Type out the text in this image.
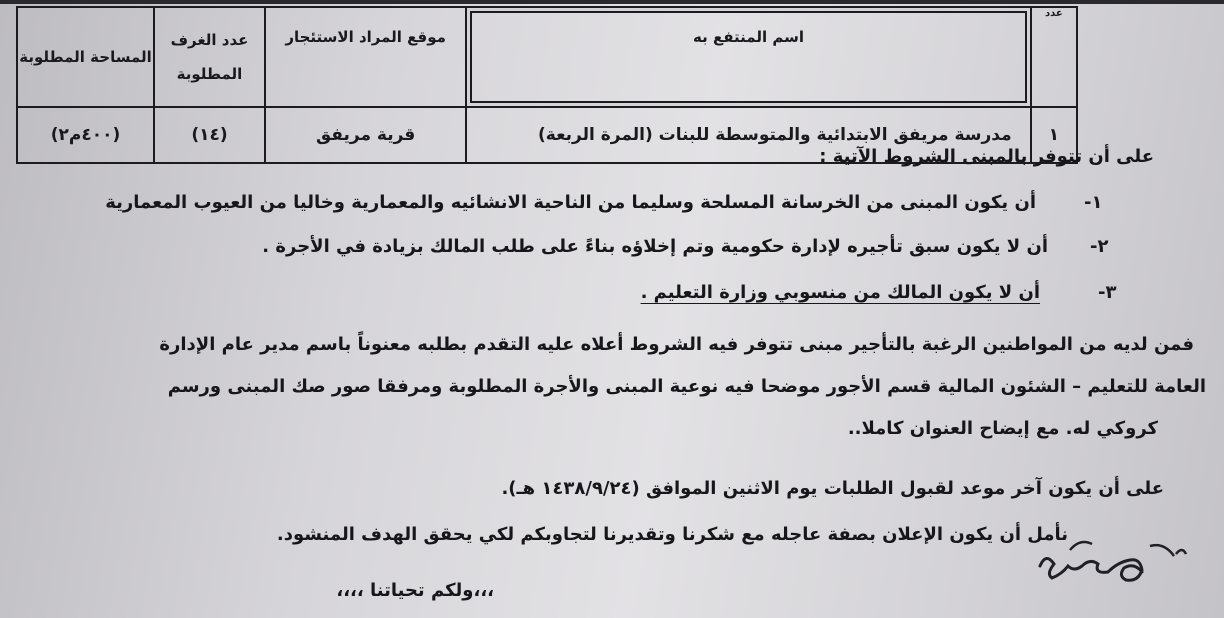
عدد	اسم المنتفع به	موقع المراد الاستئجار	عدد الغرف المطلوبة	المساحة المطلوبة
١	مدرسة مريفق الابتدائية والمتوسطة للبنات (المرة الربعة)	قرية مريفق	(١٤)	(٤٠٠م٢)
على أن تتوفر بالمبنى الشروط الآتية :
-١
أن يكون المبنى من الخرسانة المسلحة وسليما من الناحية الانشائيه والمعمارية وخاليا من العيوب المعمارية
-٢
أن لا يكون سبق تأجيره لإدارة حكومية وتم إخلاؤه بناءً على طلب المالك بزيادة في الأجرة .
-٣
أن لا يكون المالك من منسوبي وزارة التعليم .
فمن لديه من المواطنين الرغبة بالتأجير مبنى تتوفر فيه الشروط أعلاه عليه التقدم بطلبه معنوناً باسم مدير عام الإدارة
العامة للتعليم – الشئون المالية قسم الأجور موضحا فيه نوعية المبنى والأجرة المطلوبة ومرفقا صور صك المبنى ورسم
كروكي له. مع إيضاح العنوان كاملا..
على أن يكون آخر موعد لقبول الطلبات يوم الاثنين الموافق (١٤٣٨/٩/٢٤ هـ).
نأمل أن يكون الإعلان بصفة عاجله مع شكرنا وتقديرنا لتجاوبكم لكي يحقق الهدف المنشود.
،،،ولكم تحياتنا ،،،،
